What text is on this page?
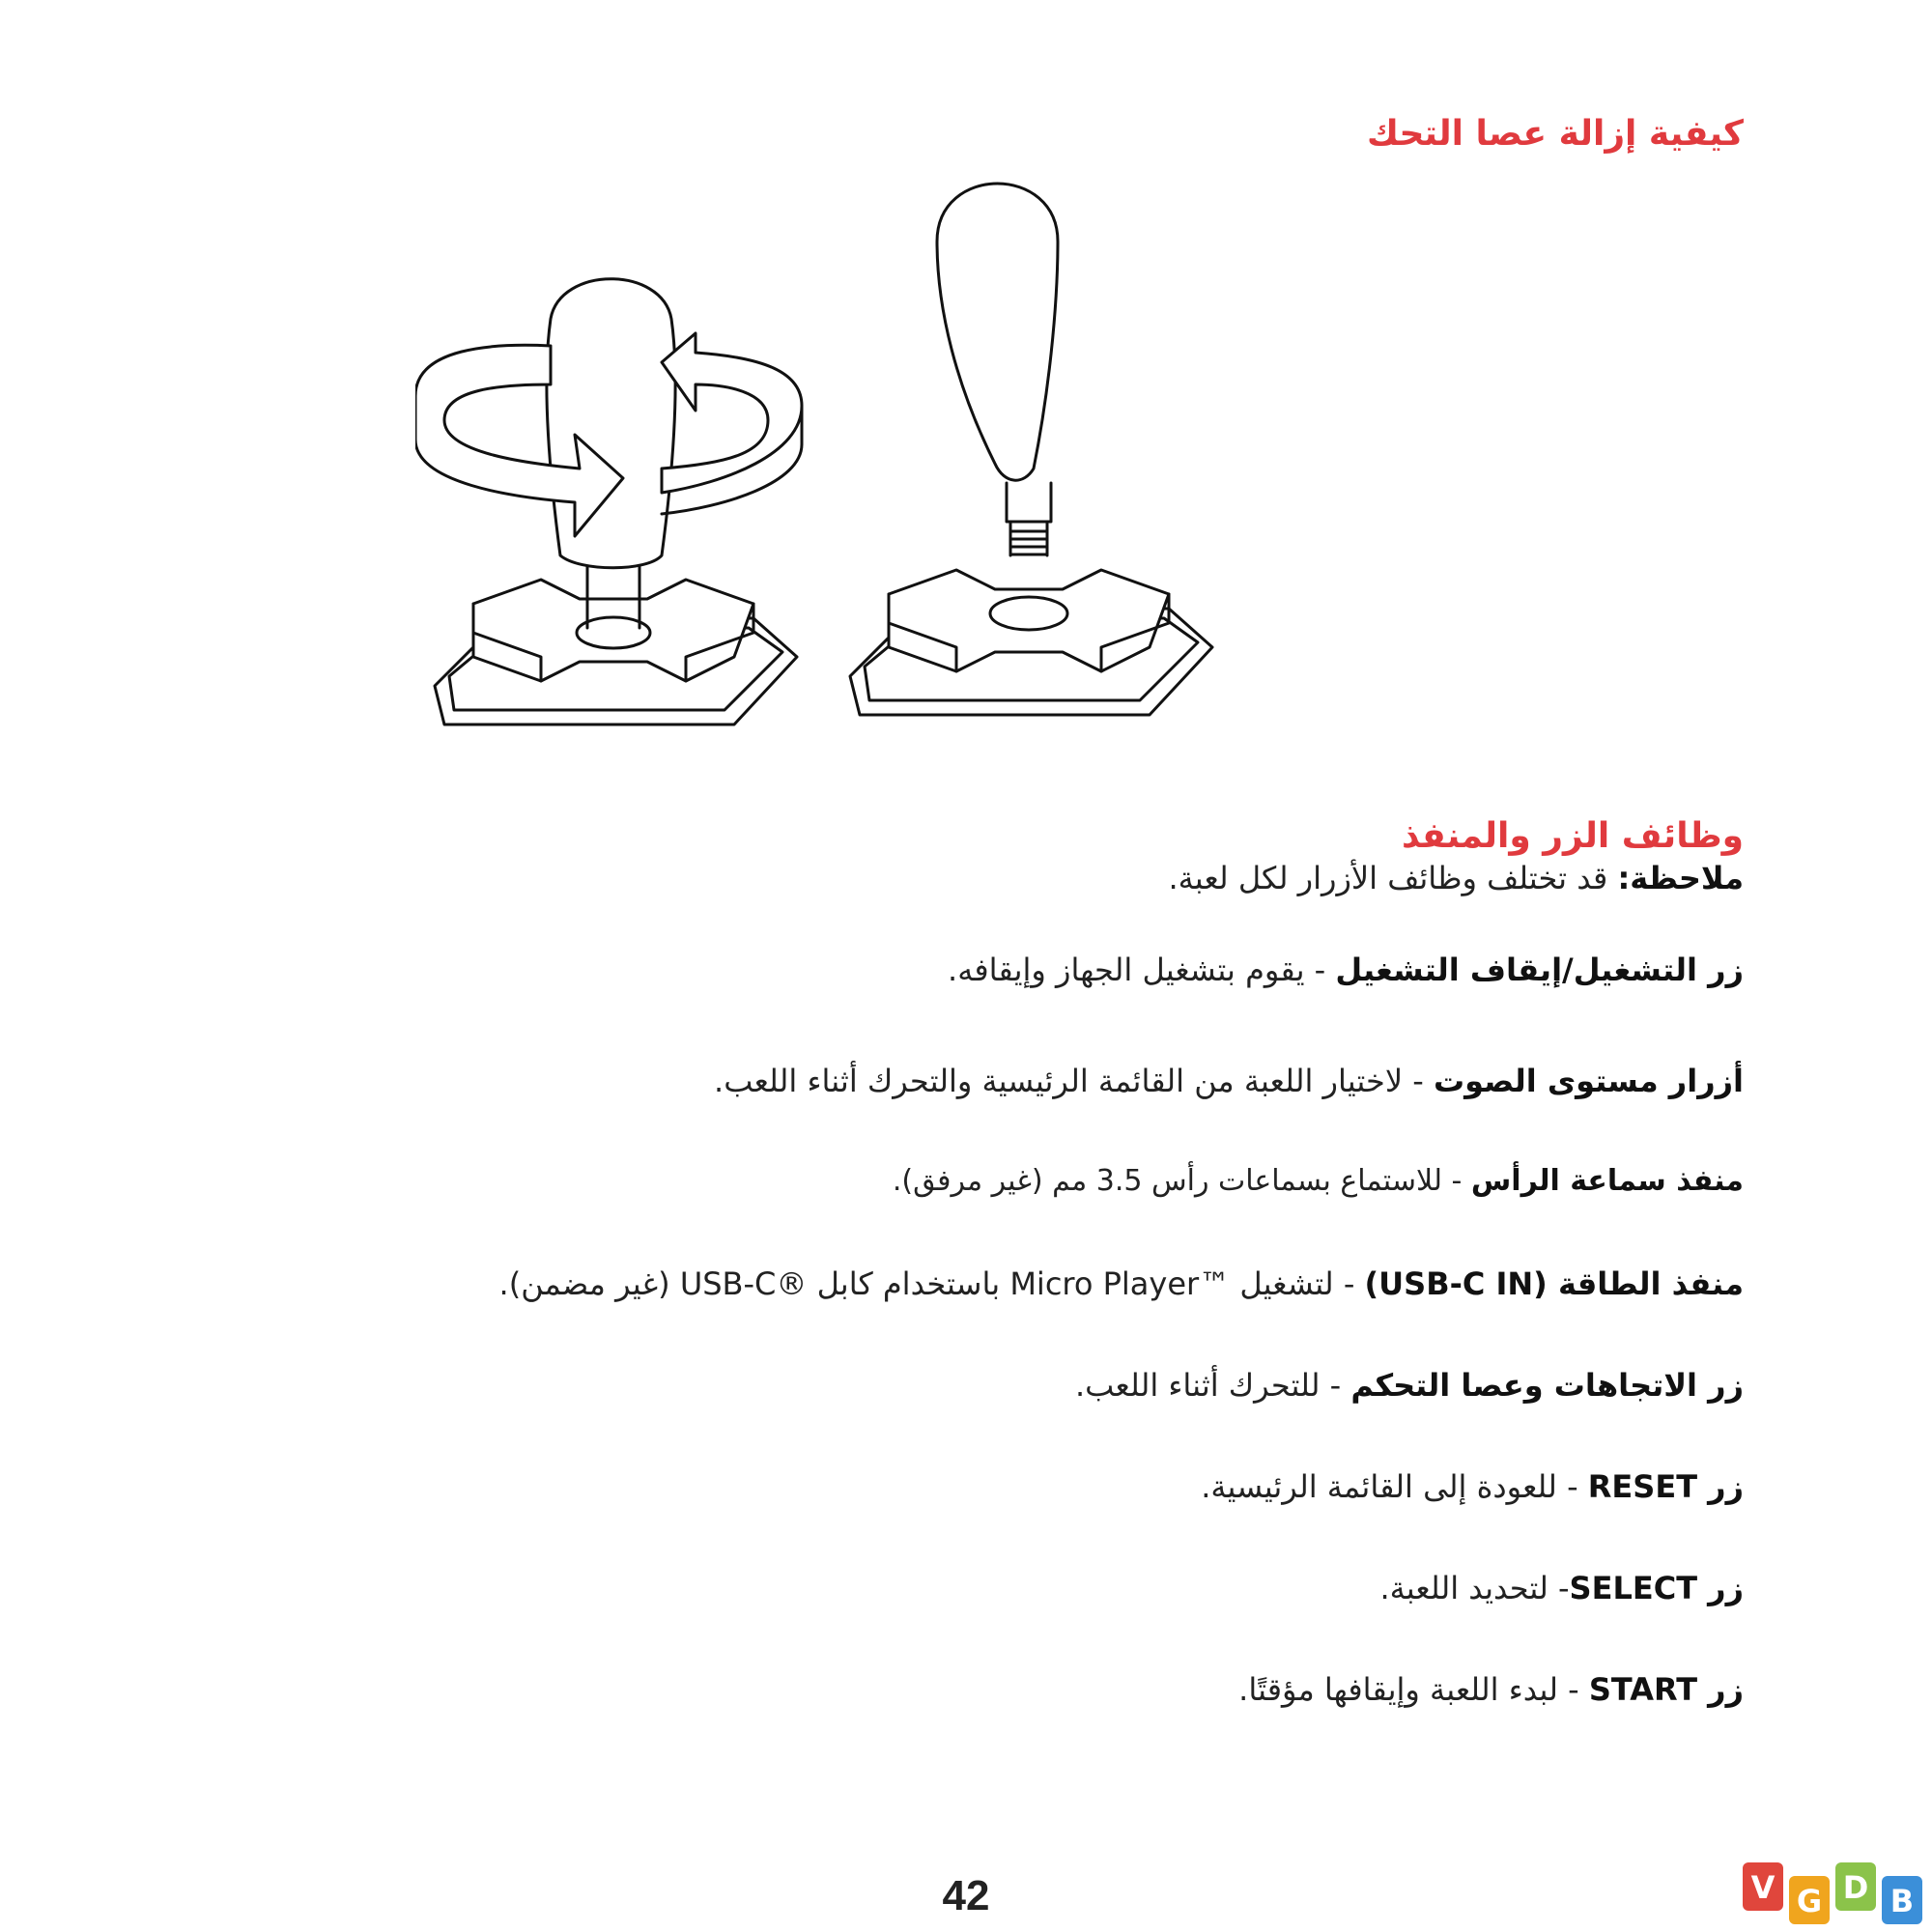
كيفية إزالة عصا التحك
وظائف الزر والمنفذ
ملاحظة: قد تختلف وظائف الأزرار لكل لعبة.
زر التشغيل/إيقاف التشغيل - يقوم بتشغيل الجهاز وإيقافه.
أزرار مستوى الصوت - لاختيار اللعبة من القائمة الرئيسية والتحرك أثناء اللعب.
منفذ سماعة الرأس - للاستماع بسماعات رأس 3.5 مم (غير مرفق).
منفذ الطاقة (USB-C IN) - لتشغيل ™Micro Player باستخدام كابل ®USB-C (غير مضمن).
زر الاتجاهات وعصا التحكم - للتحرك أثناء اللعب.
زر RESET - للعودة إلى القائمة الرئيسية.
زر SELECT- لتحديد اللعبة.
زر START - لبدء اللعبة وإيقافها مؤقتًا.
42	V G D B
